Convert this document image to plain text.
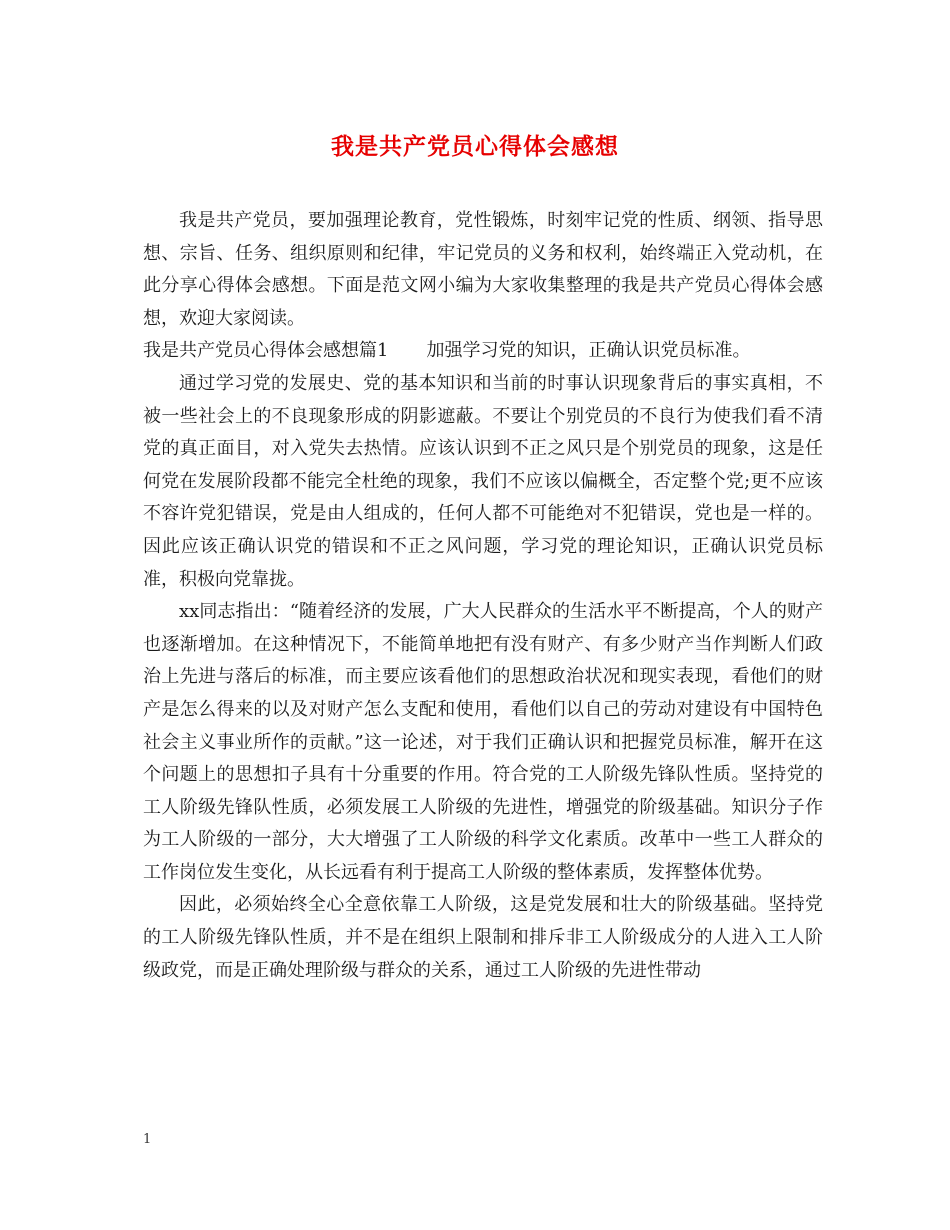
我是共产党员心得体会感想

我是共产党员，要加强理论教育，党性锻炼，时刻牢记党的性质、纲领、指导思想、宗旨、任务、组织原则和纪律，牢记党员的义务和权利，始终端正入党动机，在此分享心得体会感想。下面是范文网小编为大家收集整理的我是共产党员心得体会感想，欢迎大家阅读。

我是共产党员心得体会感想篇1 加强学习党的知识，正确认识党员标准。

通过学习党的发展史、党的基本知识和当前的时事认识现象背后的事实真相，不被一些社会上的不良现象形成的阴影遮蔽。不要让个别党员的不良行为使我们看不清党的真正面目，对入党失去热情。应该认识到不正之风只是个别党员的现象，这是任何党在发展阶段都不能完全杜绝的现象，我们不应该以偏概全，否定整个党;更不应该不容许党犯错误，党是由人组成的，任何人都不可能绝对不犯错误，党也是一样的。因此应该正确认识党的错误和不正之风问题，学习党的理论知识，正确认识党员标准，积极向党靠拢。

xx同志指出：“随着经济的发展，广大人民群众的生活水平不断提高，个人的财产也逐渐增加。在这种情况下，不能简单地把有没有财产、有多少财产当作判断人们政治上先进与落后的标准，而主要应该看他们的思想政治状况和现实表现，看他们的财产是怎么得来的以及对财产怎么支配和使用，看他们以自己的劳动对建设有中国特色社会主义事业所作的贡献。”这一论述，对于我们正确认识和把握党员标准，解开在这个问题上的思想扣子具有十分重要的作用。符合党的工人阶级先锋队性质。坚持党的工人阶级先锋队性质，必须发展工人阶级的先进性，增强党的阶级基础。知识分子作为工人阶级的一部分，大大增强了工人阶级的科学文化素质。改革中一些工人群众的工作岗位发生变化，从长远看有利于提高工人阶级的整体素质，发挥整体优势。

因此，必须始终全心全意依靠工人阶级，这是党发展和壮大的阶级基础。坚持党的工人阶级先锋队性质，并不是在组织上限制和排斥非工人阶级成分的人进入工人阶级政党，而是正确处理阶级与群众的关系，通过工人阶级的先进性带动

1
